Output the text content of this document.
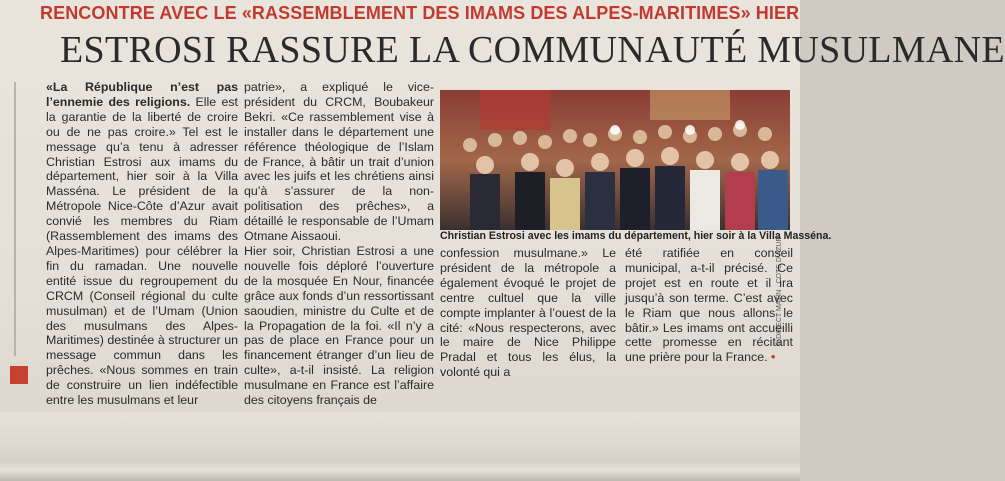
RENCONTRE AVEC LE «RASSEMBLEMENT DES IMAMS DES ALPES-MARITIMES» HIER
ESTROSI RASSURE LA COMMUNAUTÉ MUSULMANE

«La République n’est pas l’ennemie des religions. Elle est la garantie de la liberté de croire ou de ne pas croire.» Tel est le message qu’a tenu à adresser Christian Estrosi aux imams du département, hier soir à la Villa Masséna. Le président de la Métropole Nice-Côte d’Azur avait convié les membres du Riam (Rassemblement des imams des Alpes-Maritimes) pour célébrer la fin du ramadan. Une nouvelle entité issue du regroupement du CRCM (Conseil régional du culte musulman) et de l’Umam (Union des musulmans des Alpes-Maritimes) destinée à structurer un message commun dans les prêches. «Nous sommes en train de construire un lien indéfectible entre les musulmans et leur

patrie», a expliqué le vice-président du CRCM, Boubakeur Bekri. «Ce rassemblement vise à installer dans le département une référence théologique de l’Islam de France, à bâtir un trait d’union avec les juifs et les chrétiens ainsi qu’à s’assurer de la non-politisation des prêches», a détaillé le responsable de l’Umam Otmane Aissaoui.

Hier soir, Christian Estrosi a une nouvelle fois déploré l’ouverture de la mosquée En Nour, financée grâce aux fonds d’un ressortissant saoudien, ministre du Culte et de la Propagation de la foi. «Il n’y a pas de place en France pour un financement étranger d’un lieu de culte», a-t-il insisté. La religion musulmane en France est l’affaire des citoyens français de

Christian Estrosi avec les imams du département, hier soir à la Villa Masséna.
© DIRECT MATIN · COTE D’AZUR

confession musulmane.» Le président de la métropole a également évoqué le projet de centre cultuel que la ville compte implanter à l’ouest de la cité: «Nous respecterons, avec le maire de Nice Philippe Pradal et tous les élus, la volonté qui a

été ratifiée en conseil municipal, a-t-il précisé. Ce projet est en route et il ira jusqu’à son terme. C’est avec le Riam que nous allons le bâtir.» Les imams ont accueilli cette promesse en récitant une prière pour la France. •
